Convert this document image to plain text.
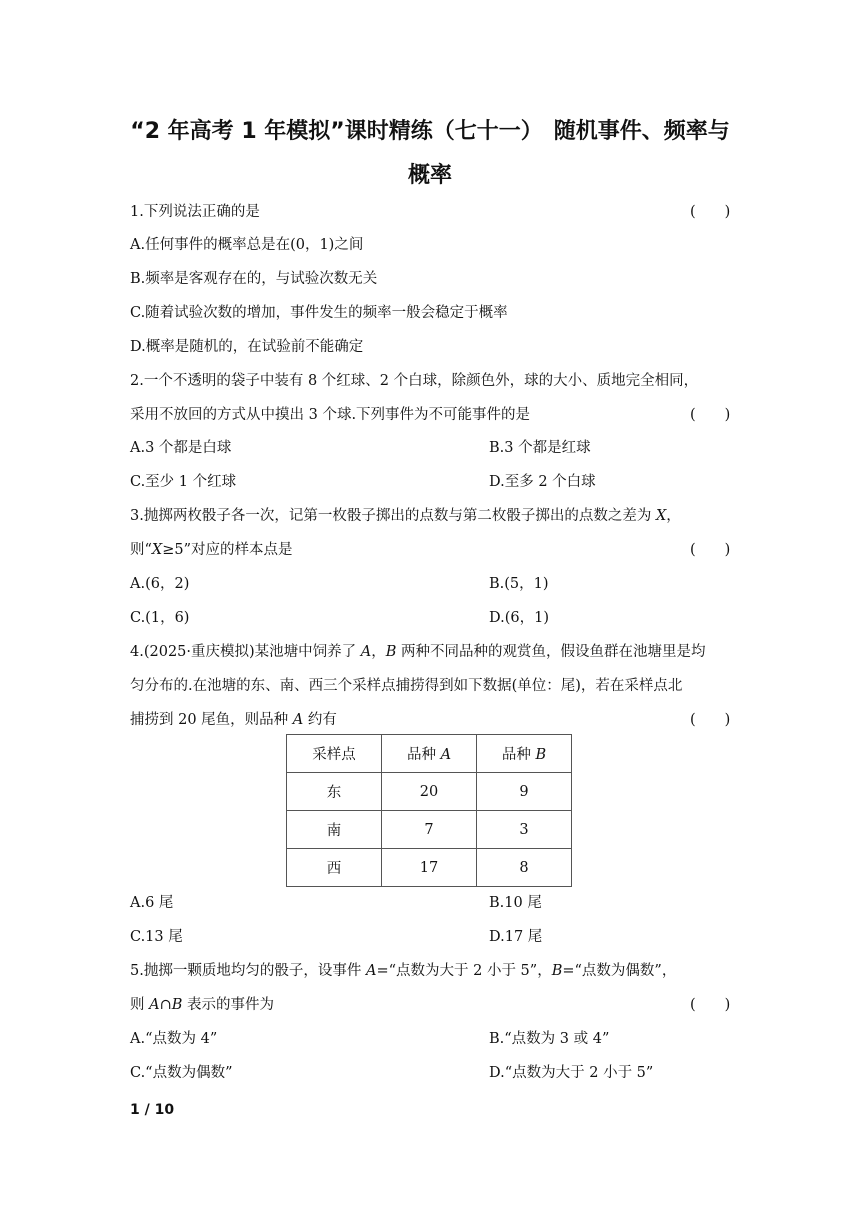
“2 年高考 1 年模拟”课时精练（七十一）　随机事件、频率与
概率
1.下列说法正确的是	(　　)
A.任何事件的概率总是在(0，1)之间
B.频率是客观存在的，与试验次数无关
C.随着试验次数的增加，事件发生的频率一般会稳定于概率
D.概率是随机的，在试验前不能确定
2.一个不透明的袋子中装有 8 个红球、2 个白球，除颜色外，球的大小、质地完全相同，
采用不放回的方式从中摸出 3 个球.下列事件为不可能事件的是	(　　)
A.3 个都是白球	B.3 个都是红球
C.至少 1 个红球	D.至多 2 个白球
3.抛掷两枚骰子各一次，记第一枚骰子掷出的点数与第二枚骰子掷出的点数之差为 X，
则“X≥5”对应的样本点是	(　　)
A.(6，2)	B.(5，1)
C.(1，6)	D.(6，1)
4.(2025·重庆模拟)某池塘中饲养了 A，B 两种不同品种的观赏鱼，假设鱼群在池塘里是均
匀分布的.在池塘的东、南、西三个采样点捕捞得到如下数据(单位：尾)，若在采样点北
捕捞到 20 尾鱼，则品种 A 约有	(　　)
采样点	品种 A	品种 B
东	20	9
南	7	3
西	17	8
A.6 尾	B.10 尾
C.13 尾	D.17 尾
5.抛掷一颗质地均匀的骰子，设事件 A=“点数为大于 2 小于 5”，B=“点数为偶数”，
则 A∩B 表示的事件为	(　　)
A.“点数为 4”	B.“点数为 3 或 4”
C.“点数为偶数”	D.“点数为大于 2 小于 5”
1 / 10
